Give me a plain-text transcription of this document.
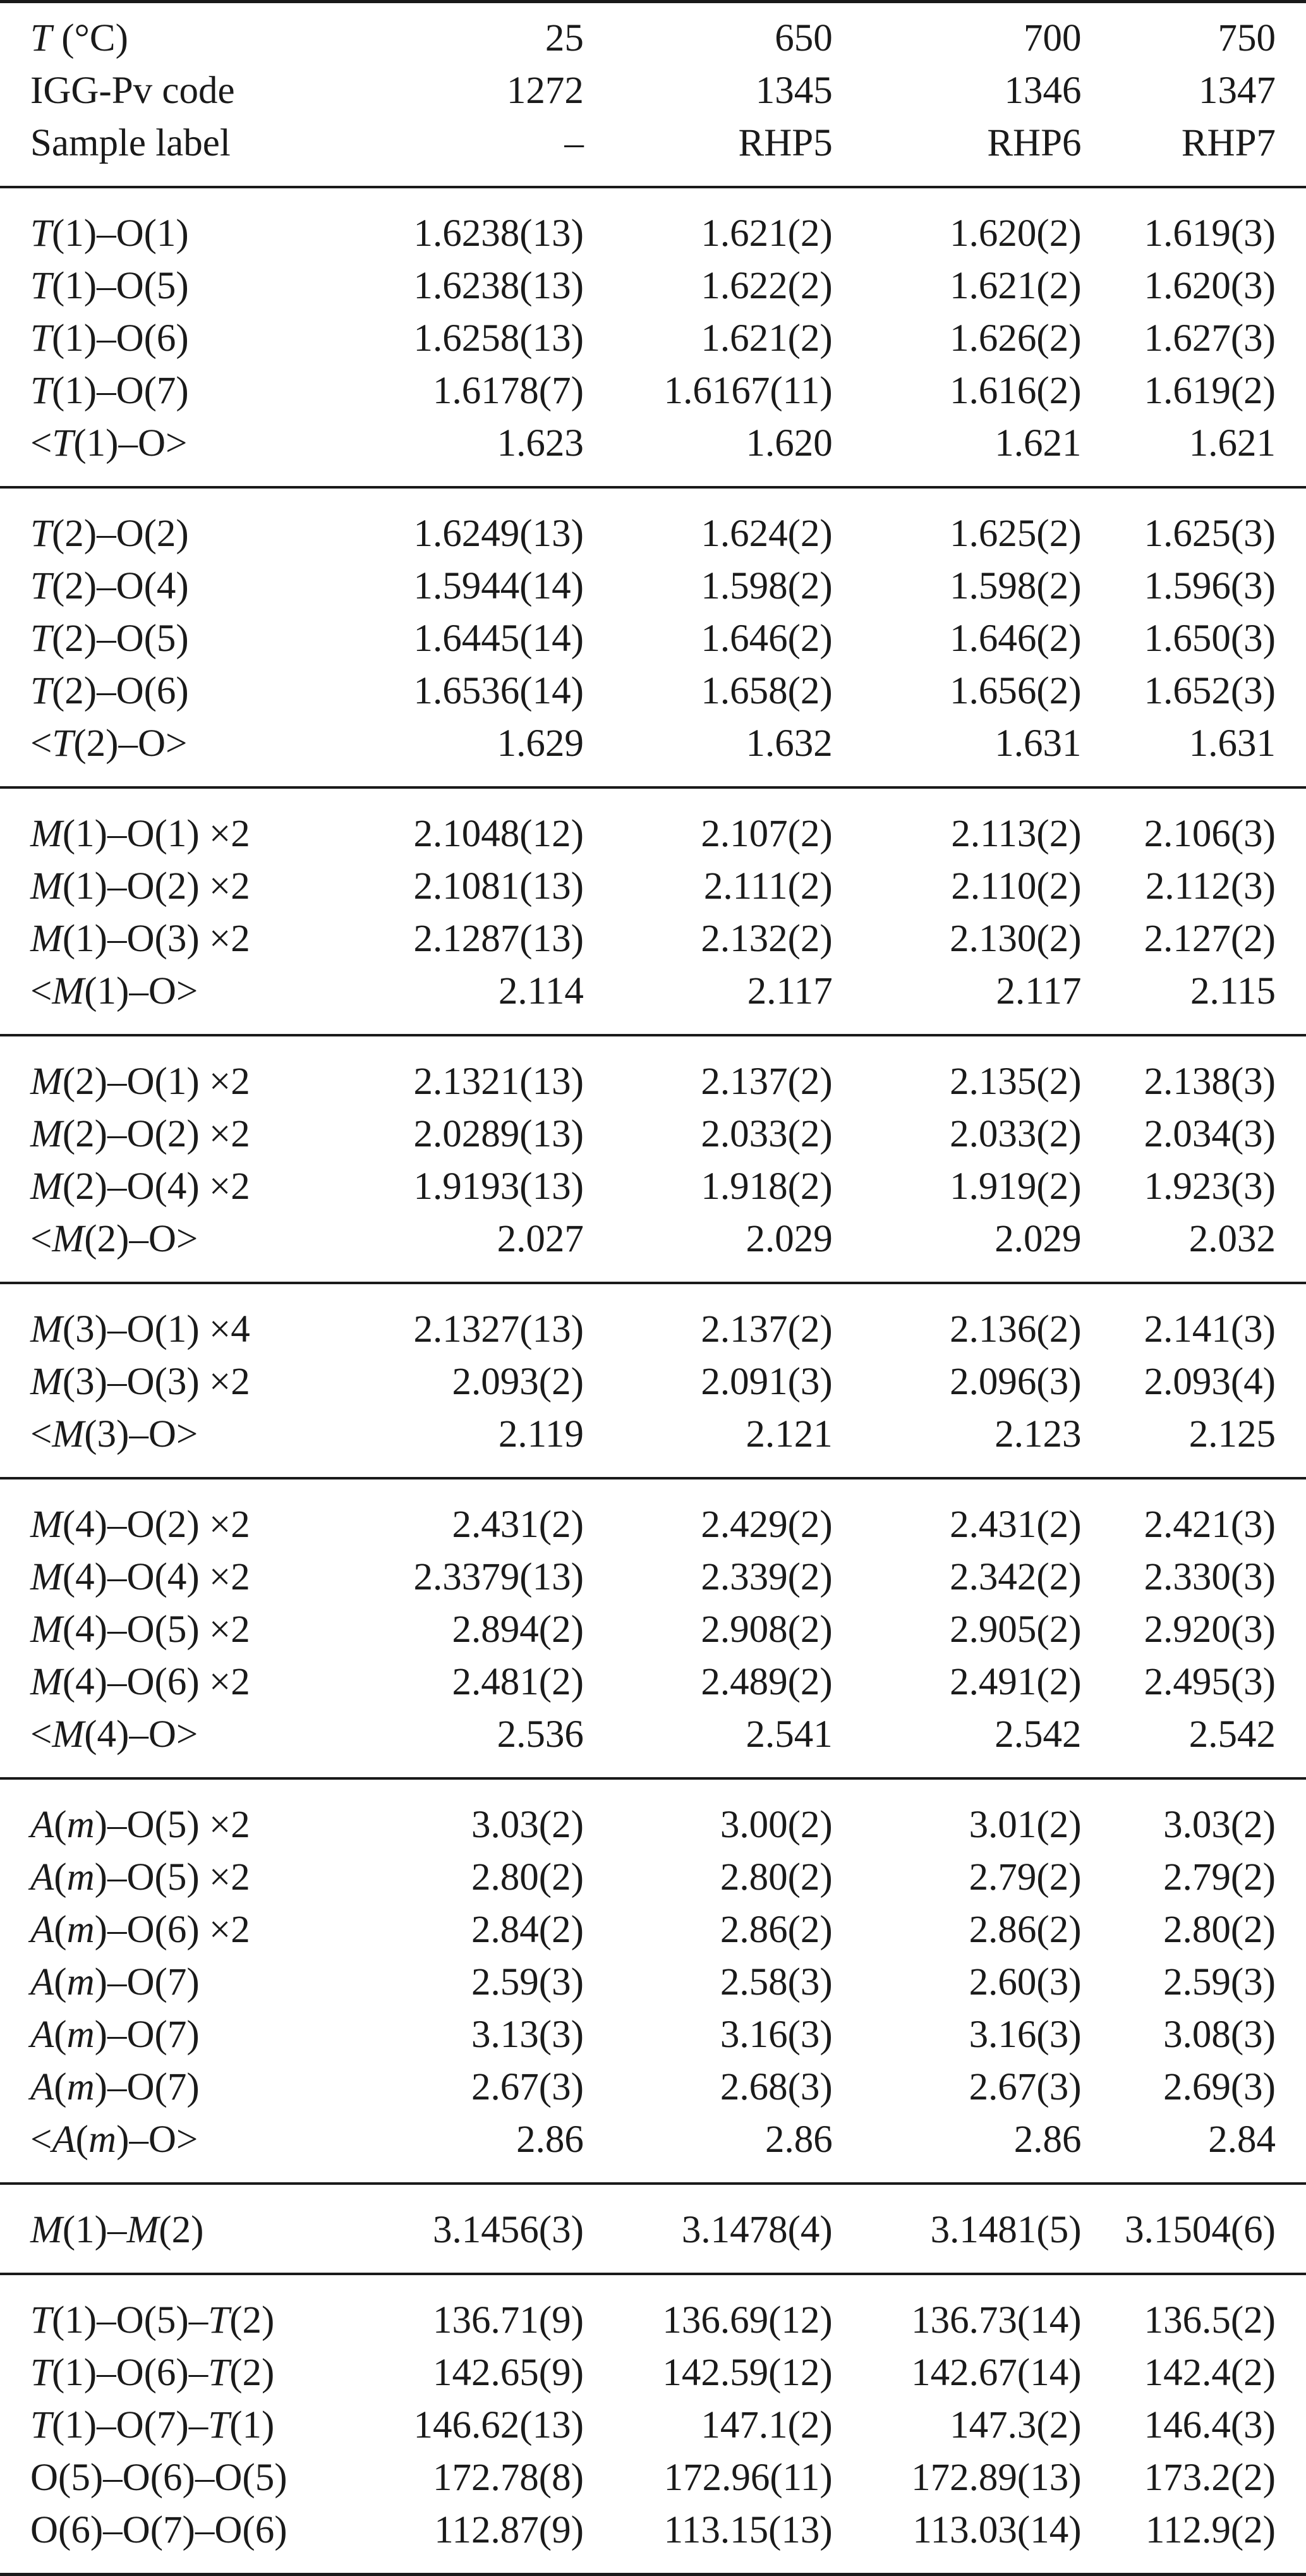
T (°C)	25	650	700	750
IGG-Pv code	1272	1345	1346	1347
Sample label	–	RHP5	RHP6	RHP7
T(1)–O(1)	1.6238(13)	1.621(2)	1.620(2)	1.619(3)
T(1)–O(5)	1.6238(13)	1.622(2)	1.621(2)	1.620(3)
T(1)–O(6)	1.6258(13)	1.621(2)	1.626(2)	1.627(3)
T(1)–O(7)	1.6178(7)	1.6167(11)	1.616(2)	1.619(2)
<T(1)–O>	1.623	1.620	1.621	1.621
T(2)–O(2)	1.6249(13)	1.624(2)	1.625(2)	1.625(3)
T(2)–O(4)	1.5944(14)	1.598(2)	1.598(2)	1.596(3)
T(2)–O(5)	1.6445(14)	1.646(2)	1.646(2)	1.650(3)
T(2)–O(6)	1.6536(14)	1.658(2)	1.656(2)	1.652(3)
<T(2)–O>	1.629	1.632	1.631	1.631
M(1)–O(1) ×2	2.1048(12)	2.107(2)	2.113(2)	2.106(3)
M(1)–O(2) ×2	2.1081(13)	2.111(2)	2.110(2)	2.112(3)
M(1)–O(3) ×2	2.1287(13)	2.132(2)	2.130(2)	2.127(2)
<M(1)–O>	2.114	2.117	2.117	2.115
M(2)–O(1) ×2	2.1321(13)	2.137(2)	2.135(2)	2.138(3)
M(2)–O(2) ×2	2.0289(13)	2.033(2)	2.033(2)	2.034(3)
M(2)–O(4) ×2	1.9193(13)	1.918(2)	1.919(2)	1.923(3)
<M(2)–O>	2.027	2.029	2.029	2.032
M(3)–O(1) ×4	2.1327(13)	2.137(2)	2.136(2)	2.141(3)
M(3)–O(3) ×2	2.093(2)	2.091(3)	2.096(3)	2.093(4)
<M(3)–O>	2.119	2.121	2.123	2.125
M(4)–O(2) ×2	2.431(2)	2.429(2)	2.431(2)	2.421(3)
M(4)–O(4) ×2	2.3379(13)	2.339(2)	2.342(2)	2.330(3)
M(4)–O(5) ×2	2.894(2)	2.908(2)	2.905(2)	2.920(3)
M(4)–O(6) ×2	2.481(2)	2.489(2)	2.491(2)	2.495(3)
<M(4)–O>	2.536	2.541	2.542	2.542
A(m)–O(5) ×2	3.03(2)	3.00(2)	3.01(2)	3.03(2)
A(m)–O(5) ×2	2.80(2)	2.80(2)	2.79(2)	2.79(2)
A(m)–O(6) ×2	2.84(2)	2.86(2)	2.86(2)	2.80(2)
A(m)–O(7)	2.59(3)	2.58(3)	2.60(3)	2.59(3)
A(m)–O(7)	3.13(3)	3.16(3)	3.16(3)	3.08(3)
A(m)–O(7)	2.67(3)	2.68(3)	2.67(3)	2.69(3)
<A(m)–O>	2.86	2.86	2.86	2.84
M(1)–M(2)	3.1456(3)	3.1478(4)	3.1481(5)	3.1504(6)
T(1)–O(5)–T(2)	136.71(9)	136.69(12)	136.73(14)	136.5(2)
T(1)–O(6)–T(2)	142.65(9)	142.59(12)	142.67(14)	142.4(2)
T(1)–O(7)–T(1)	146.62(13)	147.1(2)	147.3(2)	146.4(3)
O(5)–O(6)–O(5)	172.78(8)	172.96(11)	172.89(13)	173.2(2)
O(6)–O(7)–O(6)	112.87(9)	113.15(13)	113.03(14)	112.9(2)
